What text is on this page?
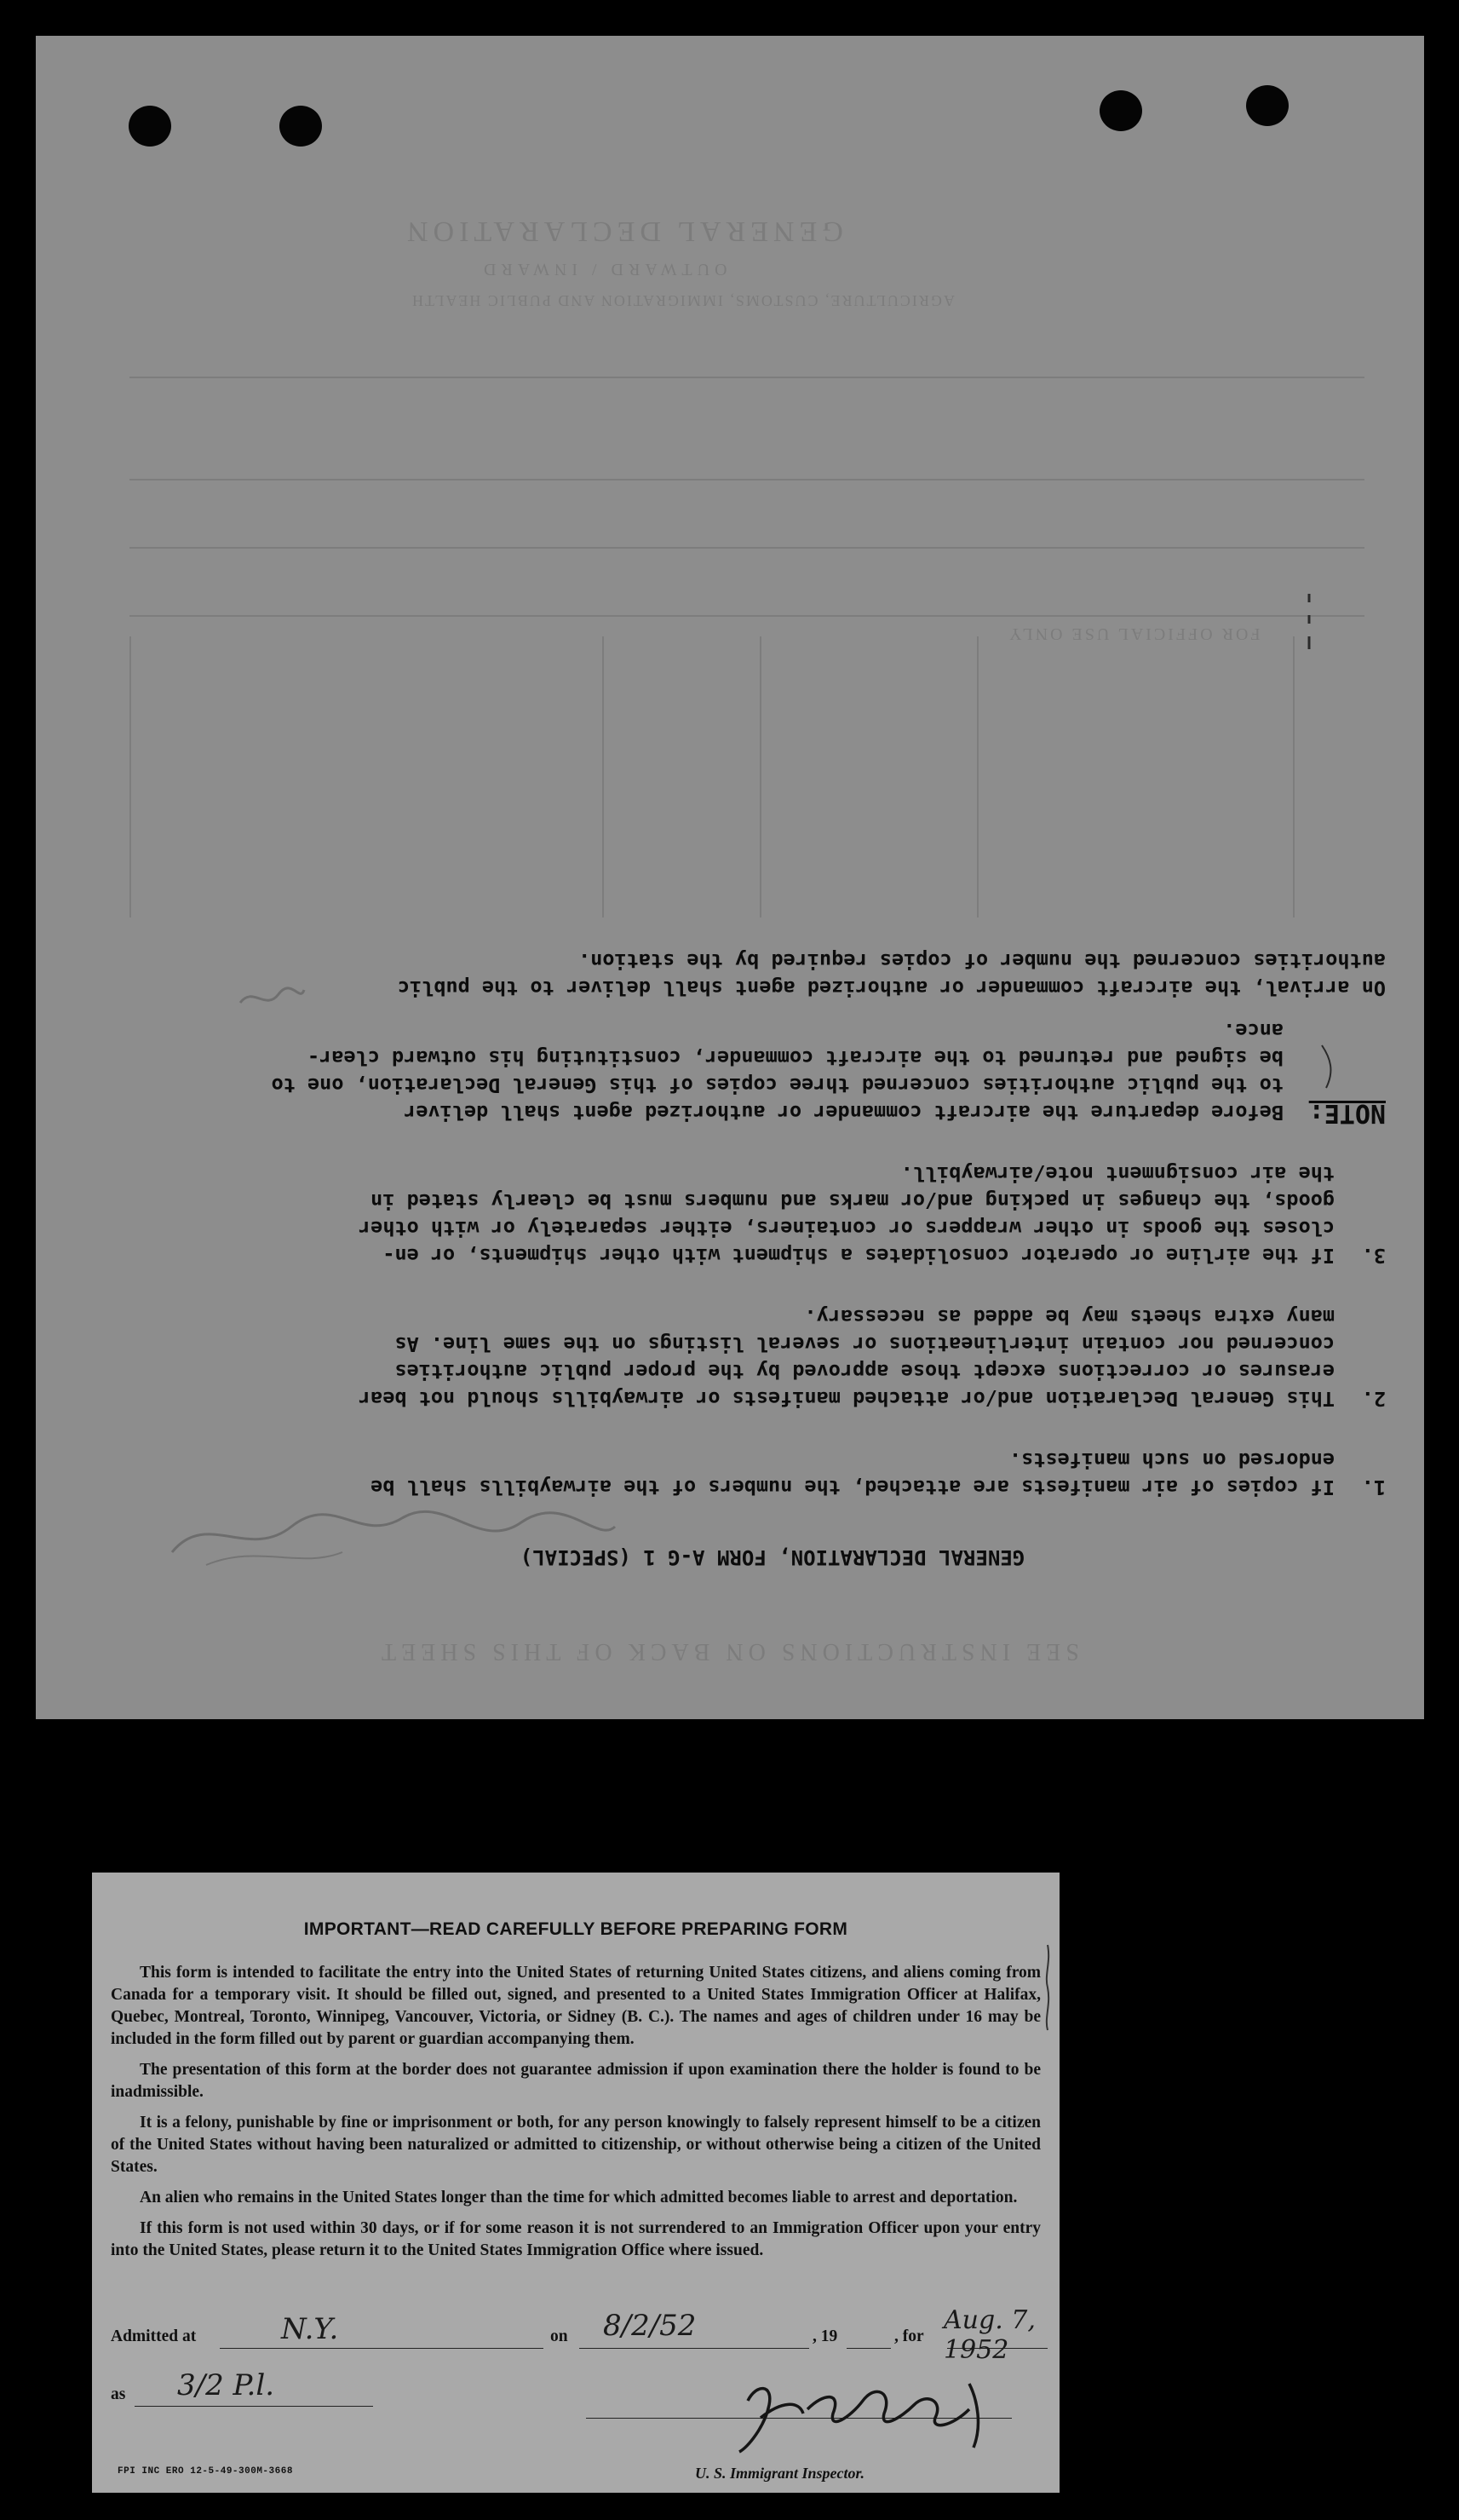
GENERAL DECLARATION
OUTWARD / INWARD
AGRICULTURE, CUSTOMS, IMMIGRATION AND PUBLIC HEALTH
FOR OFFICIAL USE ONLY
SEE INSTRUCTIONS ON BACK OF THIS SHEET
GENERAL DECLARATION, FORM A-G 1 (SPECIAL)
1.
If copies of air manifests are attached, the numbers of the airwaybills shall be
endorsed on such manifests.
2.
This General Declaration and/or attached manifests or airwaybills should not bear
erasures or corrections except those approved by the proper public authorities
concerned nor contain interlineations or several listings on the same line. As
many extra sheets may be added as necessary.
3.
If the airline or operator consolidates a shipment with other shipments, or en-
closes the goods in other wrappers or containers, either separately or with other
goods, the changes in packing and/or marks and numbers must be clearly stated in
the air consignment note/airwaybill.
NOTE:
Before departure the aircraft commander or authorized agent shall deliver
to the public authorities concerned three copies of this General Declaration, one to
be signed and returned to the aircraft commander, constituting his outward clear-
ance.
On arrival, the aircraft commander or authorized agent shall deliver to the public
authorities concerned the number of copies required by the station.
IMPORTANT—READ CAREFULLY BEFORE PREPARING FORM

This form is intended to facilitate the entry into the United States of returning United States citizens, and aliens coming from Canada for a temporary visit. It should be filled out, signed, and presented to a United States Immigration Officer at Halifax, Quebec, Montreal, Toronto, Winnipeg, Vancouver, Victoria, or Sidney (B. C.). The names and ages of children under 16 may be included in the form filled out by parent or guardian accompanying them.

The presentation of this form at the border does not guarantee admission if upon examination there the holder is found to be inadmissible.

It is a felony, punishable by fine or imprisonment or both, for any person knowingly to falsely represent himself to be a citizen of the United States without having been naturalized or admitted to citizenship, or without otherwise being a citizen of the United States.

An alien who remains in the United States longer than the time for which admitted becomes liable to arrest and deportation.

If this form is not used within 30 days, or if for some reason it is not surrendered to an Immigration Officer upon your entry into the United States, please return it to the United States Immigration Office where issued.

Admitted at	N.Y.	on 8/2/52	, 19	, for
Aug. 7, 1952
as 3/2 P.l.
U. S. Immigrant Inspector.
FPI INC ERO 12-5-49-300M-3668
